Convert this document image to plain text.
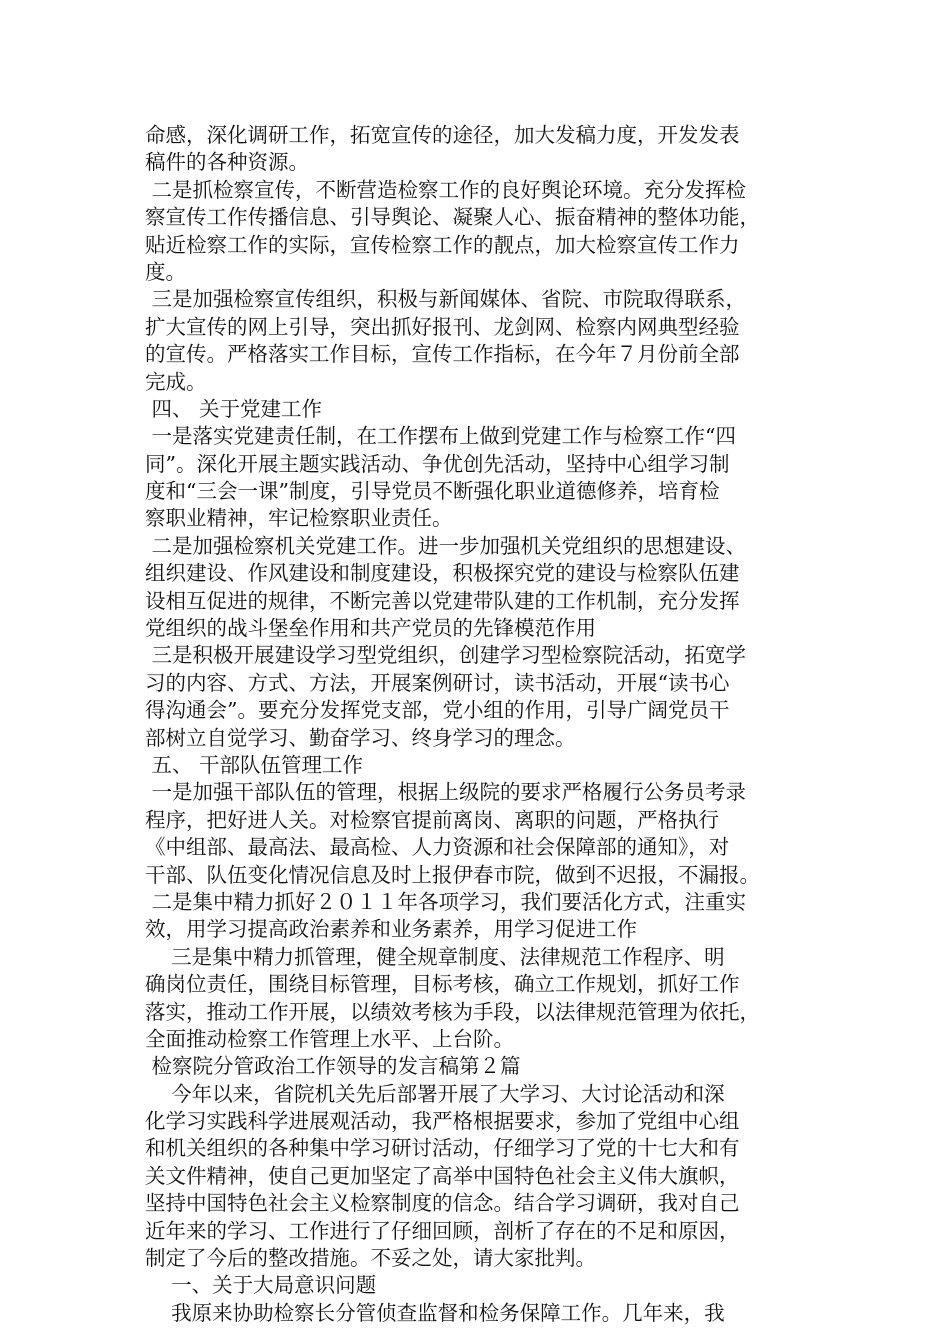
命感，深化调研工作，拓宽宣传的途径，加大发稿力度，开发发表
稿件的各种资源。
二是抓检察宣传，不断营造检察工作的良好舆论环境。充分发挥检
察宣传工作传播信息、引导舆论、凝聚人心、振奋精神的整体功能，
贴近检察工作的实际，宣传检察工作的靓点，加大检察宣传工作力
度。
三是加强检察宣传组织，积极与新闻媒体、省院、市院取得联系，
扩大宣传的网上引导，突出抓好报刊、龙剑网、检察内网典型经验
的宣传。严格落实工作目标，宣传工作指标，在今年７月份前全部
完成。
四、 关于党建工作
一是落实党建责任制，在工作摆布上做到党建工作与检察工作“四
同”。深化开展主题实践活动、争优创先活动，坚持中心组学习制
度和“三会一课”制度，引导党员不断强化职业道德修养，培育检
察职业精神，牢记检察职业责任。
二是加强检察机关党建工作。进一步加强机关党组织的思想建设、
组织建设、作风建设和制度建设，积极探究党的建设与检察队伍建
设相互促进的规律，不断完善以党建带队建的工作机制，充分发挥
党组织的战斗堡垒作用和共产党员的先锋模范作用
三是积极开展建设学习型党组织，创建学习型检察院活动，拓宽学
习的内容、方式、方法，开展案例研讨，读书活动，开展“读书心
得沟通会”。要充分发挥党支部，党小组的作用，引导广阔党员干
部树立自觉学习、勤奋学习、终身学习的理念。
五、 干部队伍管理工作
一是加强干部队伍的管理，根据上级院的要求严格履行公务员考录
程序，把好进人关。对检察官提前离岗、离职的问题，严格执行
《中组部、最高法、最高检、人力资源和社会保障部的通知》，对
干部、队伍变化情况信息及时上报伊春市院，做到不迟报，不漏报。
二是集中精力抓好２０１１年各项学习，我们要活化方式，注重实
效，用学习提高政治素养和业务素养，用学习促进工作
三是集中精力抓管理，健全规章制度、法律规范工作程序、明
确岗位责任，围绕目标管理，目标考核，确立工作规划，抓好工作
落实，推动工作开展，以绩效考核为手段，以法律规范管理为依托，
全面推动检察工作管理上水平、上台阶。
检察院分管政治工作领导的发言稿第２篇
今年以来，省院机关先后部署开展了大学习、大讨论活动和深
化学习实践科学进展观活动，我严格根据要求，参加了党组中心组
和机关组织的各种集中学习研讨活动，仔细学习了党的十七大和有
关文件精神，使自己更加坚定了高举中国特色社会主义伟大旗帜，
坚持中国特色社会主义检察制度的信念。结合学习调研，我对自己
近年来的学习、工作进行了仔细回顾，剖析了存在的不足和原因，
制定了今后的整改措施。不妥之处，请大家批判。
一、关于大局意识问题
我原来协助检察长分管侦查监督和检务保障工作。几年来，我
